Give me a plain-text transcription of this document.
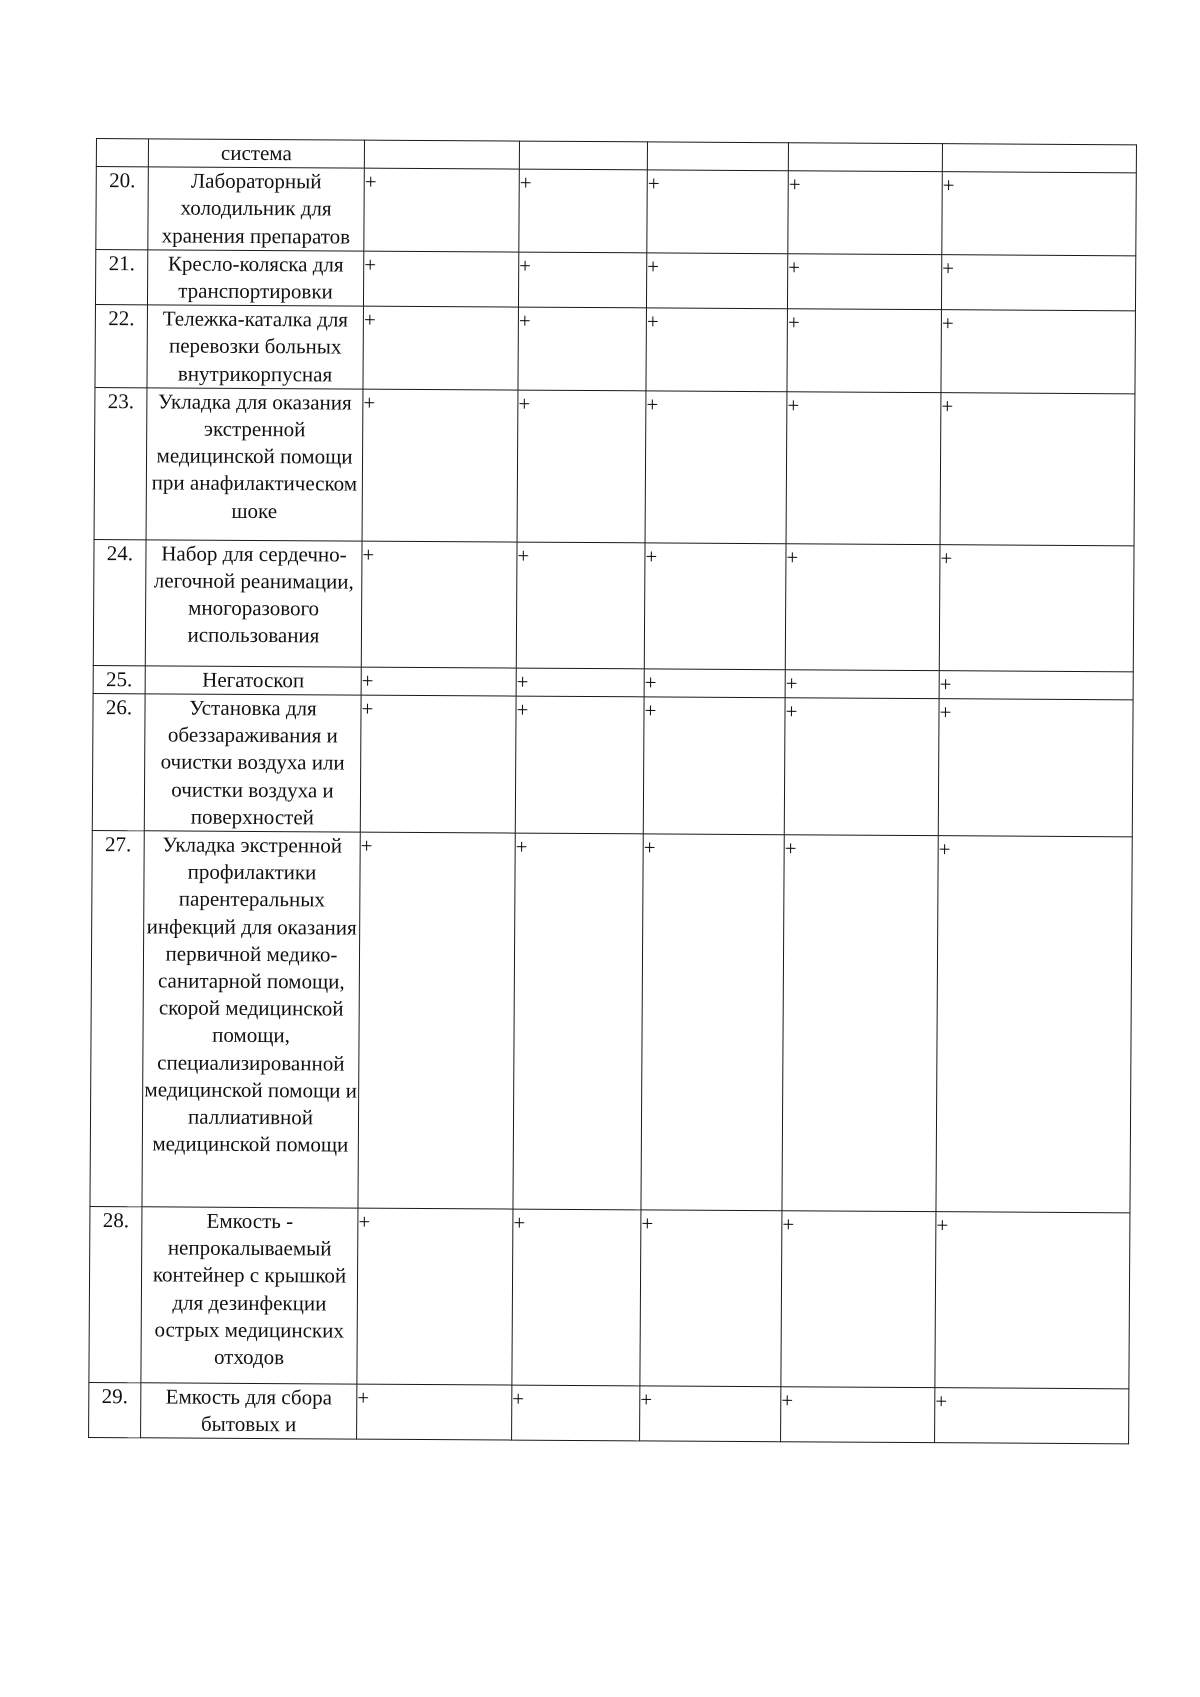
	система					
20.	Лабораторный холодильник для хранения препаратов	+	+	+	+	+
21.	Кресло-коляска для транспортировки	+	+	+	+	+
22.	Тележка-каталка для перевозки больных внутрикорпусная	+	+	+	+	+
23.	Укладка для оказания экстренной медицинской помощи при анафилактическом шоке	+	+	+	+	+
24.	Набор для сердечно-легочной реанимации, многоразового использования	+	+	+	+	+
25.	Негатоскоп	+	+	+	+	+
26.	Установка для обеззараживания и очистки воздуха или очистки воздуха и поверхностей	+	+	+	+	+
27.	Укладка экстренной профилактики парентеральных инфекций для оказания первичной медико-санитарной помощи, скорой медицинской помощи, специализированной медицинской помощи и паллиативной медицинской помощи	+	+	+	+	+
28.	Емкость - непрокалываемый контейнер с крышкой для дезинфекции острых медицинских отходов	+	+	+	+	+
29.	Емкость для сбора бытовых и	+	+	+	+	+
